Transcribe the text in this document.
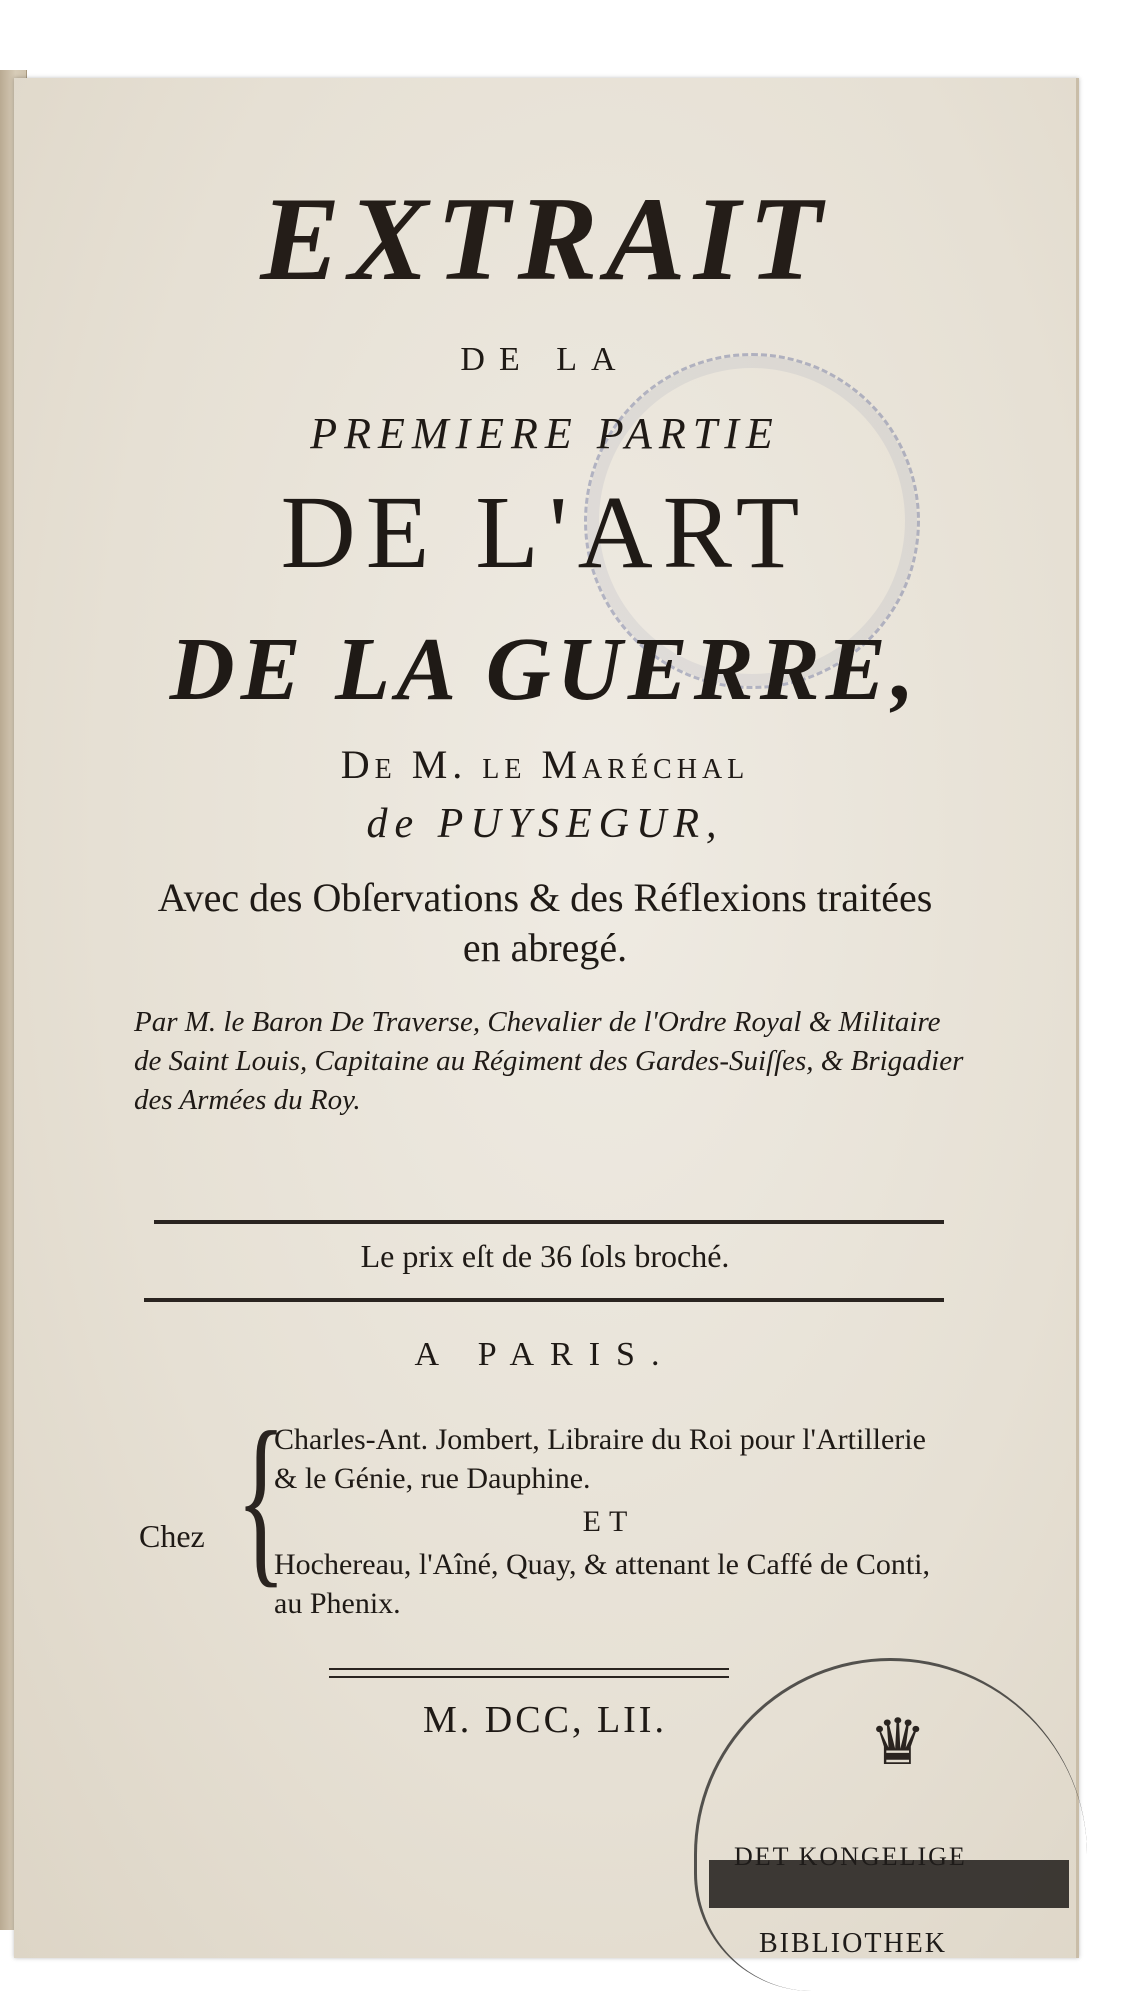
EXTRAIT
DE LA
PREMIERE PARTIE
DE L'ART
DE LA GUERRE,
De M. le Maréchal
de PUYSEGUR,
Avec des Obſervations & des Réflexions traitées en abregé.
Par M. le Baron De Traverse, Chevalier de l'Ordre Royal & Militaire de Saint Louis, Capitaine au Régiment des Gardes-Suiſſes, & Brigadier des Armées du Roy.
Le prix eſt de 36 ſols broché.
A PARIS.
Chez {

Charles-Ant. Jombert, Libraire du Roi pour l'Artillerie & le Génie, rue Dauphine.

ET

Hochereau, l'Aîné, Quay, & attenant le Caffé de Conti, au Phenix.

M. DCC, LII.	♛
DET KONGELIGE
BIBLIOTHEK
